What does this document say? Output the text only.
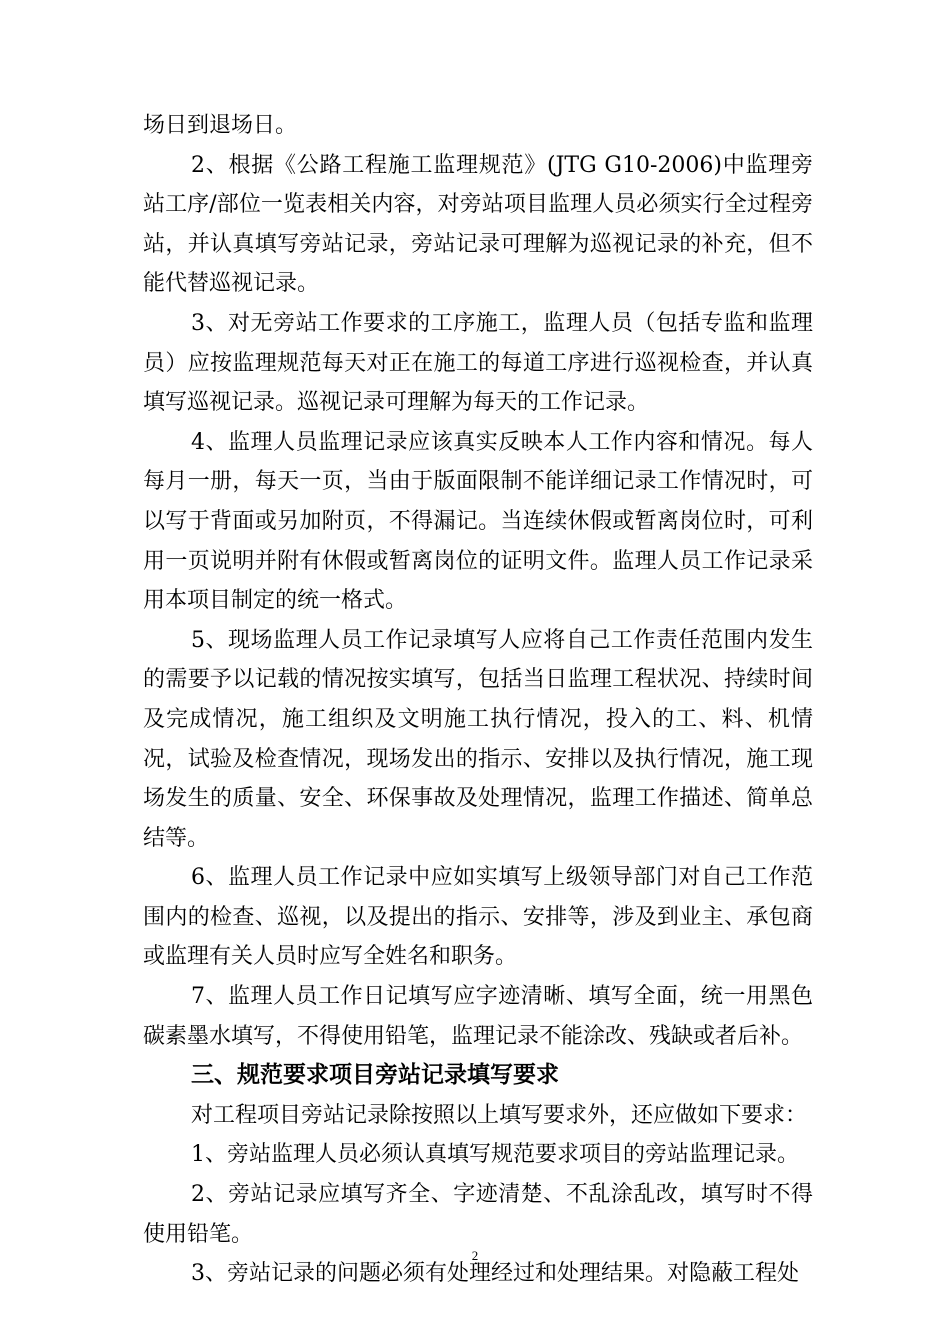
场日到退场日。

2、根据《公路工程施工监理规范》(JTG G10-2006)中监理旁站工序/部位一览表相关内容，对旁站项目监理人员必须实行全过程旁站，并认真填写旁站记录，旁站记录可理解为巡视记录的补充，但不能代替巡视记录。

3、对无旁站工作要求的工序施工，监理人员（包括专监和监理员）应按监理规范每天对正在施工的每道工序进行巡视检查，并认真填写巡视记录。巡视记录可理解为每天的工作记录。

4、监理人员监理记录应该真实反映本人工作内容和情况。每人每月一册，每天一页，当由于版面限制不能详细记录工作情况时，可以写于背面或另加附页，不得漏记。当连续休假或暂离岗位时，可利用一页说明并附有休假或暂离岗位的证明文件。监理人员工作记录采用本项目制定的统一格式。

5、现场监理人员工作记录填写人应将自己工作责任范围内发生的需要予以记载的情况按实填写，包括当日监理工程状况、持续时间及完成情况，施工组织及文明施工执行情况，投入的工、料、机情况，试验及检查情况，现场发出的指示、安排以及执行情况，施工现场发生的质量、安全、环保事故及处理情况，监理工作描述、简单总结等。

6、监理人员工作记录中应如实填写上级领导部门对自己工作范围内的检查、巡视，以及提出的指示、安排等，涉及到业主、承包商或监理有关人员时应写全姓名和职务。

7、监理人员工作日记填写应字迹清晰、填写全面，统一用黑色碳素墨水填写，不得使用铅笔，监理记录不能涂改、残缺或者后补。

三、规范要求项目旁站记录填写要求

对工程项目旁站记录除按照以上填写要求外，还应做如下要求：

1、旁站监理人员必须认真填写规范要求项目的旁站监理记录。

2、旁站记录应填写齐全、字迹清楚、不乱涂乱改，填写时不得使用铅笔。

3、旁站记录的问题必须有处理经过和处理结果。对隐蔽工程处

2
